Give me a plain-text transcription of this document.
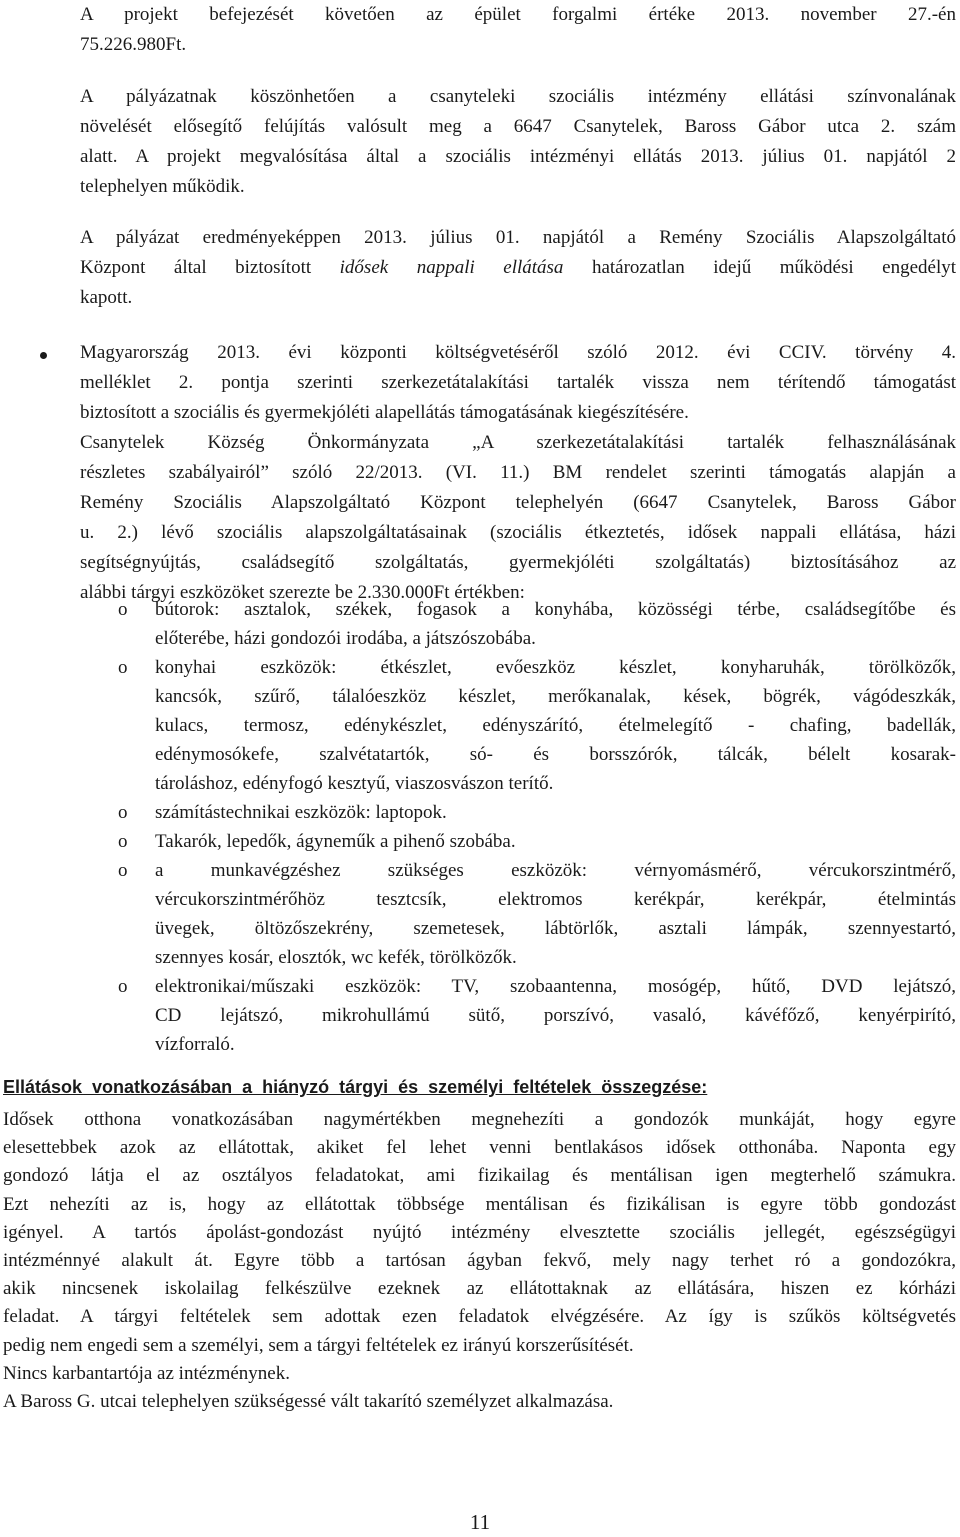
A projekt befejezését követően az épület forgalmi értéke 2013. november 27.-én
75.226.980Ft.

A pályázatnak köszönhetően a csanyteleki szociális intézmény ellátási színvonalának
növelését elősegítő felújítás valósult meg a 6647 Csanytelek, Baross Gábor utca 2. szám
alatt. A projekt megvalósítása által a szociális intézményi ellátás 2013. július 01. napjától 2
telephelyen működik.

A pályázat eredményeképpen 2013. július 01. napjától a Remény Szociális Alapszolgáltató
Központ által biztosított idősek nappali ellátása határozatlan idejű működési engedélyt
kapott.

Magyarország 2013. évi központi költségvetéséről szóló 2012. évi CCIV. törvény 4.
melléklet 2. pontja szerinti szerkezetátalakítási tartalék vissza nem térítendő támogatást
biztosított a szociális és gyermekjóléti alapellátás támogatásának kiegészítésére.
Csanytelek Község Önkormányzata „A szerkezetátalakítási tartalék felhasználásának
részletes szabályairól” szóló 22/2013. (VI. 11.) BM rendelet szerinti támogatás alapján a
Remény Szociális Alapszolgáltató Központ telephelyén (6647 Csanytelek, Baross Gábor
u. 2.) lévő szociális alapszolgáltatásainak (szociális étkeztetés, idősek nappali ellátása, házi
segítségnyújtás, családsegítő szolgáltatás, gyermekjóléti szolgáltatás) biztosításához az
alábbi tárgyi eszközöket szerezte be 2.330.000Ft értékben:

o bútorok: asztalok, székek, fogasok a konyhába, közösségi térbe, családsegítőbe és
előterébe, házi gondozói irodába, a játszószobába.
o konyhai eszközök: étkészlet, evőeszköz készlet, konyharuhák, törölközők,
kancsók, szűrő, tálalóeszköz készlet, merőkanalak, kések, bögrék, vágódeszkák,
kulacs, termosz, edénykészlet, edényszárító, ételmelegítő - chafing, badellák,
edénymosókefe, szalvétatartók, só- és borsszórók, tálcák, bélelt kosarak-
tároláshoz, edényfogó kesztyű, viaszosvászon terítő.
o számítástechnikai eszközök: laptopok.
o Takarók, lepedők, ágyneműk a pihenő szobába.
o a munkavégzéshez szükséges eszközök: vérnyomásmérő, vércukorszintmérő,
vércukorszintmérőhöz tesztcsík, elektromos kerékpár, kerékpár, ételmintás
üvegek, öltözőszekrény, szemetesek, lábtörlők, asztali lámpák, szennyestartó,
szennyes kosár, elosztók, wc kefék, törölközők.
o elektronikai/műszaki eszközök: TV, szobaantenna, mosógép, hűtő, DVD lejátszó,
CD lejátszó, mikrohullámú sütő, porszívó, vasaló, kávéfőző, kenyérpirító,
vízforraló.

Ellátások vonatkozásában a hiányzó tárgyi és személyi feltételek összegzése:

Idősek otthona vonatkozásában nagymértékben megnehezíti a gondozók munkáját, hogy egyre
elesettebbek azok az ellátottak, akiket fel lehet venni bentlakásos idősek otthonába. Naponta egy
gondozó látja el az osztályos feladatokat, ami fizikailag és mentálisan igen megterhelő számukra.
Ezt nehezíti az is, hogy az ellátottak többsége mentálisan és fizikálisan is egyre több gondozást
igényel. A tartós ápolást-gondozást nyújtó intézmény elvesztette szociális jellegét, egészségügyi
intézménnyé alakult át. Egyre több a tartósan ágyban fekvő, mely nagy terhet ró a gondozókra,
akik nincsenek iskolailag felkészülve ezeknek az ellátottaknak az ellátására, hiszen ez kórházi
feladat. A tárgyi feltételek sem adottak ezen feladatok elvégzésére. Az így is szűkös költségvetés
pedig nem engedi sem a személyi, sem a tárgyi feltételek ez irányú korszerűsítését.
Nincs karbantartója az intézménynek.
A Baross G. utcai telephelyen szükségessé vált takarító személyzet alkalmazása.

11
